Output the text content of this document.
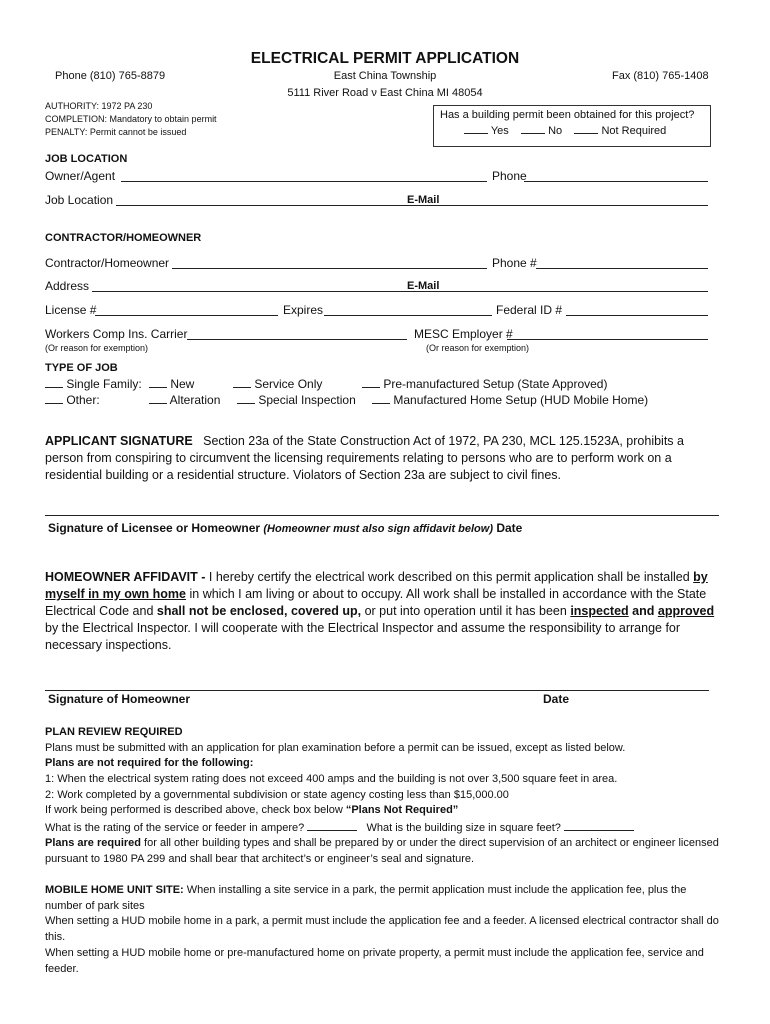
ELECTRICAL PERMIT APPLICATION
Phone (810) 765-8879	East China Township	Fax (810) 765-1408
5111 River Road ν East China MI 48054
AUTHORITY: 1972 PA 230
COMPLETION: Mandatory to obtain permit
PENALTY: Permit cannot be issued
Has a building permit been obtained for this project?
Yes	No	Not Required
JOB LOCATION
Owner/Agent	Phone
Job Location	E-Mail
CONTRACTOR/HOMEOWNER
Contractor/Homeowner	Phone #
Address	E-Mail
License #	Expires	Federal ID #
Workers Comp Ins. Carrier	MESC Employer #
(Or reason for exemption)	(Or reason for exemption)
TYPE OF JOB
Single Family:	New	Service Only	Pre-manufactured Setup (State Approved)
Other:	Alteration	Special Inspection	Manufactured Home Setup (HUD Mobile Home)
APPLICANT SIGNATURE Section 23a of the State Construction Act of 1972, PA 230, MCL 125.1523A, prohibits a person from conspiring to circumvent the licensing requirements relating to persons who are to perform work on a residential building or a residential structure. Violators of Section 23a are subject to civil fines.
Signature of Licensee or Homeowner (Homeowner must also sign affidavit below) Date
HOMEOWNER AFFIDAVIT - I hereby certify the electrical work described on this permit application shall be installed by myself in my own home in which I am living or about to occupy. All work shall be installed in accordance with the State Electrical Code and shall not be enclosed, covered up, or put into operation until it has been inspected and approved by the Electrical Inspector. I will cooperate with the Electrical Inspector and assume the responsibility to arrange for necessary inspections.
Signature of Homeowner	Date
PLAN REVIEW REQUIRED
Plans must be submitted with an application for plan examination before a permit can be issued, except as listed below.
Plans are not required for the following:
1: When the electrical system rating does not exceed 400 amps and the building is not over 3,500 square feet in area.
2: Work completed by a governmental subdivision or state agency costing less than $15,000.00
If work being performed is described above, check box below “Plans Not Required”
What is the rating of the service or feeder in ampere?	What is the building size in square feet?
Plans are required for all other building types and shall be prepared by or under the direct supervision of an architect or engineer licensed pursuant to 1980 PA 299 and shall bear that architect’s or engineer’s seal and signature.
MOBILE HOME UNIT SITE: When installing a site service in a park, the permit application must include the application fee, plus the number of park sites
When setting a HUD mobile home in a park, a permit must include the application fee and a feeder. A licensed electrical contractor shall do this.
When setting a HUD mobile home or pre-manufactured home on private property, a permit must include the application fee, service and feeder.
